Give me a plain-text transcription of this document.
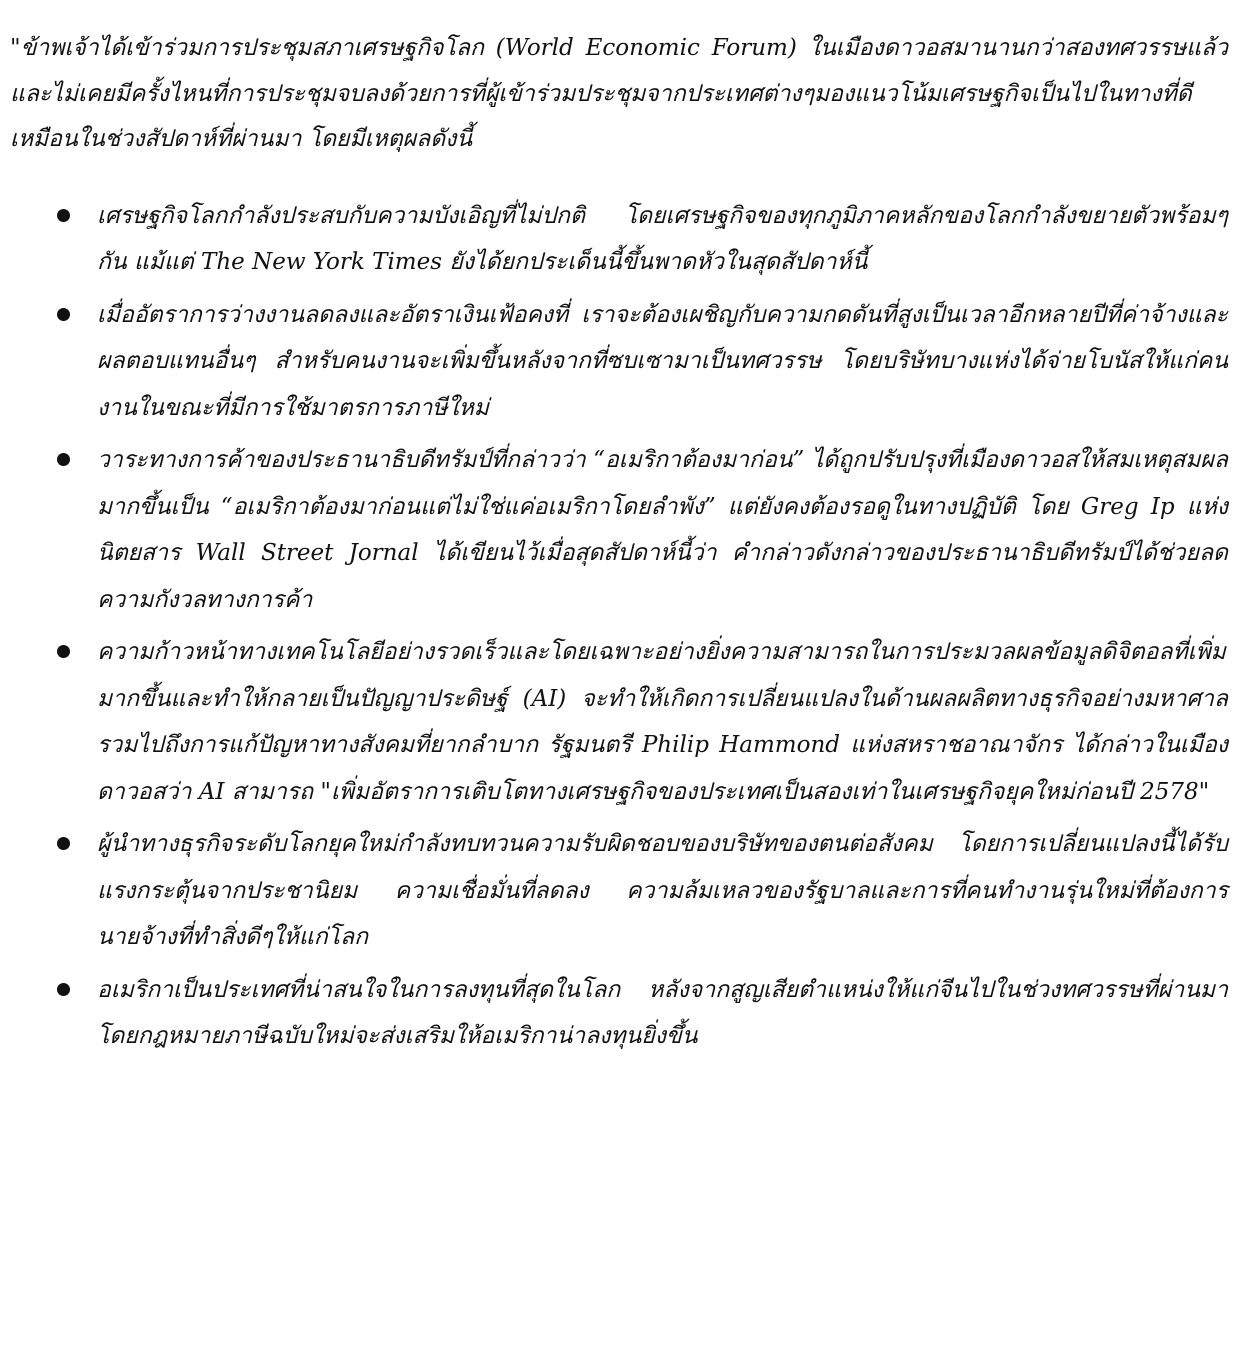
"ข้าพเจ้าได้เข้าร่วมการประชุมสภาเศรษฐกิจโลก (World Economic Forum) ในเมืองดาวอสมานานกว่าสองทศวรรษแล้ว และไม่เคยมีครั้งไหนที่การประชุมจบลงด้วยการที่ผู้เข้าร่วมประชุมจากประเทศต่างๆมองแนวโน้มเศรษฐกิจเป็นไปในทางที่ดีเหมือนในช่วงสัปดาห์ที่ผ่านมา โดยมีเหตุผลดังนี้

เศรษฐกิจโลกกำลังประสบกับความบังเอิญที่ไม่ปกติ โดยเศรษฐกิจของทุกภูมิภาคหลักของโลกกำลังขยายตัวพร้อมๆ กัน แม้แต่ The New York Times ยังได้ยกประเด็นนี้ขึ้นพาดหัวในสุดสัปดาห์นี้
เมื่ออัตราการว่างงานลดลงและอัตราเงินเฟ้อคงที่ เราจะต้องเผชิญกับความกดดันที่สูงเป็นเวลาอีกหลายปีที่ค่าจ้างและผลตอบแทนอื่นๆ สำหรับคนงานจะเพิ่มขึ้นหลังจากที่ซบเซามาเป็นทศวรรษ โดยบริษัทบางแห่งได้จ่ายโบนัสให้แก่คนงานในขณะที่มีการใช้มาตรการภาษีใหม่
วาระทางการค้าของประธานาธิบดีทรัมป์ที่กล่าวว่า “อเมริกาต้องมาก่อน” ได้ถูกปรับปรุงที่เมืองดาวอสให้สมเหตุสมผลมากขึ้นเป็น “อเมริกาต้องมาก่อนแต่ไม่ใช่แค่อเมริกาโดยลำพัง” แต่ยังคงต้องรอดูในทางปฏิบัติ โดย Greg Ip แห่งนิตยสาร Wall Street Jornal ได้เขียนไว้เมื่อสุดสัปดาห์นี้ว่า คำกล่าวดังกล่าวของประธานาธิบดีทรัมป์ได้ช่วยลดความกังวลทางการค้า
ความก้าวหน้าทางเทคโนโลยีอย่างรวดเร็วและโดยเฉพาะอย่างยิ่งความสามารถในการประมวลผลข้อมูลดิจิตอลที่เพิ่มมากขึ้นและทำให้กลายเป็นปัญญาประดิษฐ์ (AI) จะทำให้เกิดการเปลี่ยนแปลงในด้านผลผลิตทางธุรกิจอย่างมหาศาลรวมไปถึงการแก้ปัญหาทางสังคมที่ยากลำบาก รัฐมนตรี Philip Hammond แห่งสหราชอาณาจักร ได้กล่าวในเมืองดาวอสว่า AI สามารถ "เพิ่มอัตราการเติบโตทางเศรษฐกิจของประเทศเป็นสองเท่าในเศรษฐกิจยุคใหม่ก่อนปี 2578"
ผู้นำทางธุรกิจระดับโลกยุคใหม่กำลังทบทวนความรับผิดชอบของบริษัทของตนต่อสังคม โดยการเปลี่ยนแปลงนี้ได้รับแรงกระตุ้นจากประชานิยม ความเชื่อมั่นที่ลดลง ความล้มเหลวของรัฐบาลและการที่คนทำงานรุ่นใหม่ที่ต้องการนายจ้างที่ทำสิ่งดีๆให้แก่โลก
อเมริกาเป็นประเทศที่น่าสนใจในการลงทุนที่สุดในโลก หลังจากสูญเสียตำแหน่งให้แก่จีนไปในช่วงทศวรรษที่ผ่านมา โดยกฎหมายภาษีฉบับใหม่จะส่งเสริมให้อเมริกาน่าลงทุนยิ่งขึ้น
